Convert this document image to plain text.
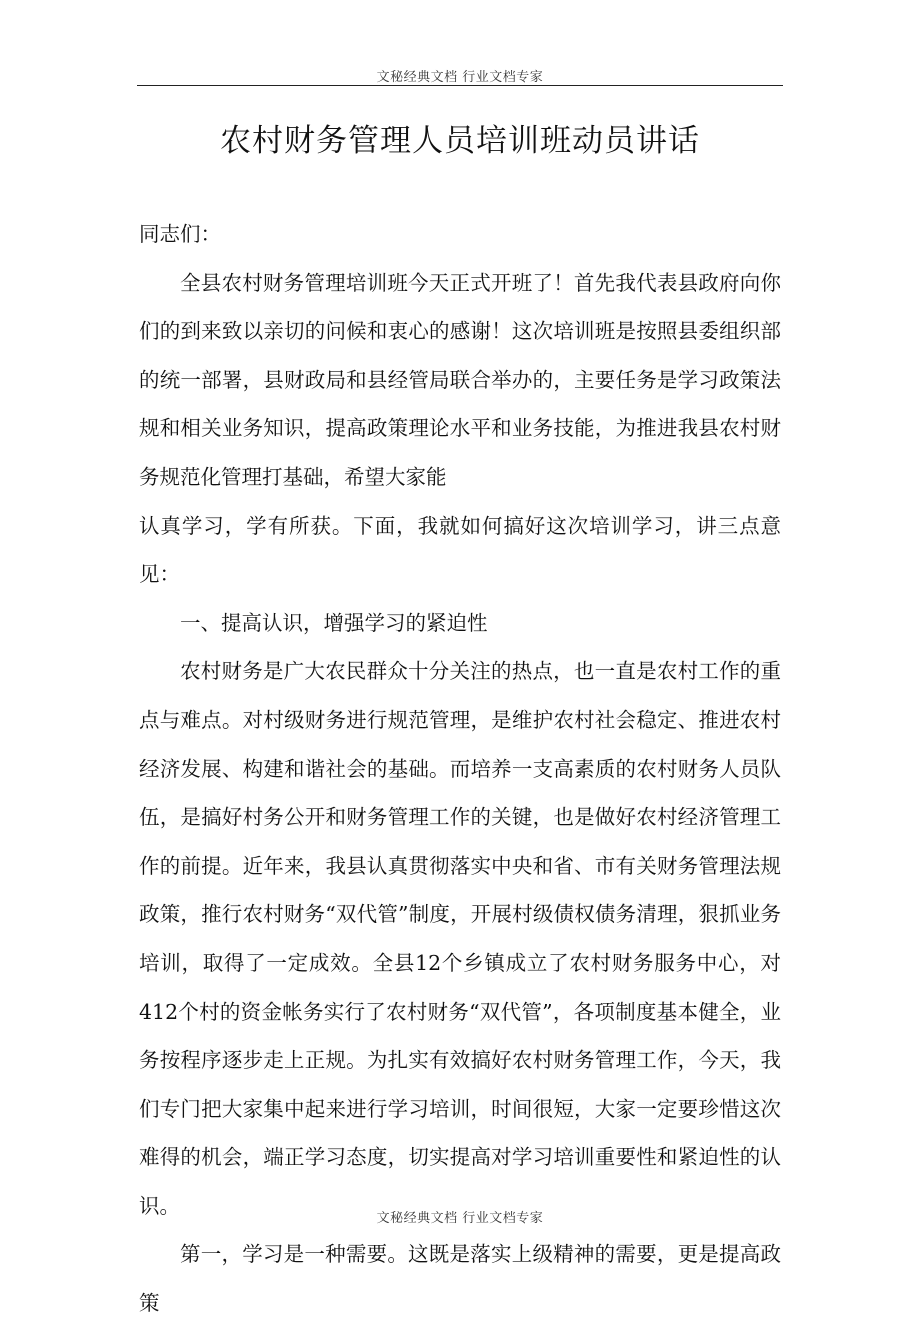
文秘经典文档 行业文档专家
农村财务管理人员培训班动员讲话

同志们：

全县农村财务管理培训班今天正式开班了！首先我代表县政府向你们的到来致以亲切的问候和衷心的感谢！这次培训班是按照县委组织部的统一部署，县财政局和县经管局联合举办的，主要任务是学习政策法规和相关业务知识，提高政策理论水平和业务技能，为推进我县农村财务规范化管理打基础，希望大家能

认真学习，学有所获。下面，我就如何搞好这次培训学习，讲三点意见：

一、提高认识，增强学习的紧迫性

农村财务是广大农民群众十分关注的热点，也一直是农村工作的重点与难点。对村级财务进行规范管理，是维护农村社会稳定、推进农村经济发展、构建和谐社会的基础。而培养一支高素质的农村财务人员队伍，是搞好村务公开和财务管理工作的关键，也是做好农村经济管理工作的前提。近年来，我县认真贯彻落实中央和省、市有关财务管理法规政策，推行农村财务“双代管”制度，开展村级债权债务清理，狠抓业务培训，取得了一定成效。全县12个乡镇成立了农村财务服务中心，对412个村的资金帐务实行了农村财务“双代管”，各项制度基本健全，业务按程序逐步走上正规。为扎实有效搞好农村财务管理工作，今天，我们专门把大家集中起来进行学习培训，时间很短，大家一定要珍惜这次难得的机会，端正学习态度，切实提高对学习培训重要性和紧迫性的认识。

第一，学习是一种需要。这既是落实上级精神的需要，更是提高政策

文秘经典文档 行业文档专家
